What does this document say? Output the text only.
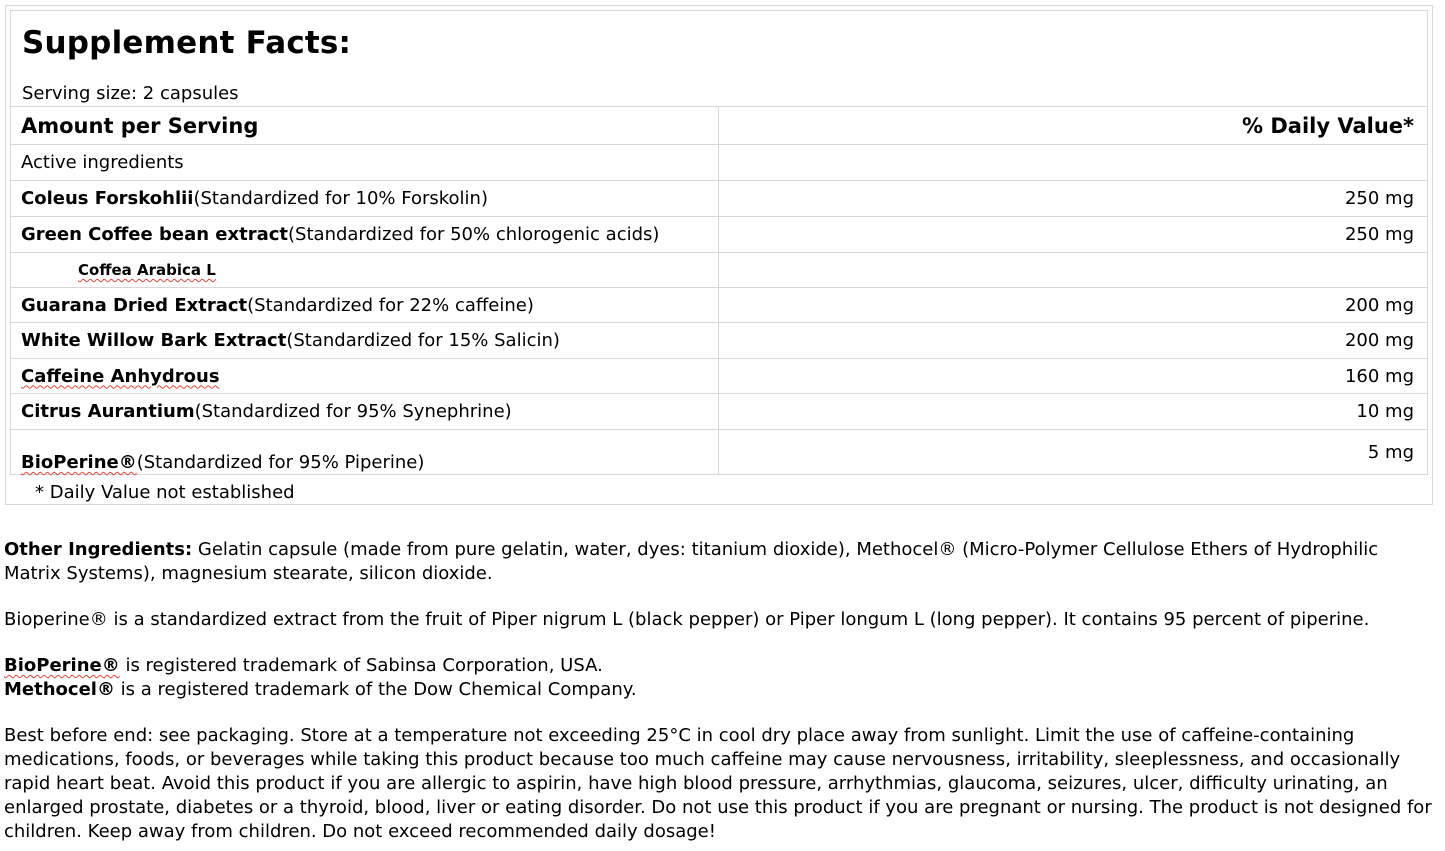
Supplement Facts:
Serving size: 2 capsules
Amount per Serving	% Daily Value*
Active ingredients
Coleus Forskohlii (Standardized for 10% Forskolin)	250 mg
Green Coffee bean extract (Standardized for 50% chlorogenic acids)	250 mg
Coffea Arabica L
Guarana Dried Extract (Standardized for 22% caffeine)	200 mg
White Willow Bark Extract (Standardized for 15% Salicin)	200 mg
Caffeine Anhydrous	160 mg
Citrus Aurantium (Standardized for 95% Synephrine)	10 mg
BioPerine® (Standardized for 95% Piperine)	5 mg
* Daily Value not established

Other Ingredients: Gelatin capsule (made from pure gelatin, water, dyes: titanium dioxide), Methocel® (Micro-Polymer Cellulose Ethers of Hydrophilic Matrix Systems), magnesium stearate, silicon dioxide.

Bioperine® is a standardized extract from the fruit of Piper nigrum L (black pepper) or Piper longum L (long pepper). It contains 95 percent of piperine.

BioPerine® is registered trademark of Sabinsa Corporation, USA.

Methocel® is a registered trademark of the Dow Chemical Company.

Best before end: see packaging. Store at a temperature not exceeding 25°C in cool dry place away from sunlight. Limit the use of caffeine-containing medications, foods, or beverages while taking this product because too much caffeine may cause nervousness, irritability, sleeplessness, and occasionally rapid heart beat. Avoid this product if you are allergic to aspirin, have high blood pressure, arrhythmias, glaucoma, seizures, ulcer, difficulty urinating, an enlarged prostate, diabetes or a thyroid, blood, liver or eating disorder. Do not use this product if you are pregnant or nursing. The product is not designed for children. Keep away from children. Do not exceed recommended daily dosage!
